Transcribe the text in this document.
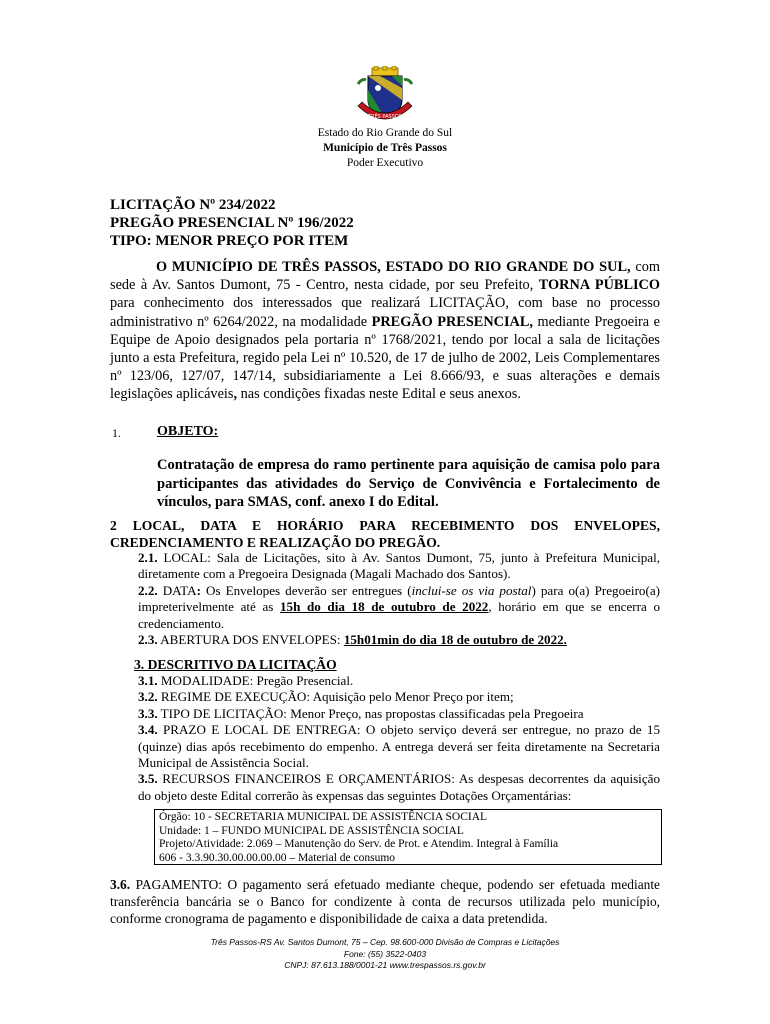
TRÊS PASSOS
Estado do Rio Grande do Sul
Município de Três Passos
Poder Executivo
LICITAÇÃO Nº 234/2022
PREGÃO PRESENCIAL Nº 196/2022
TIPO: MENOR PREÇO POR ITEM
O MUNICÍPIO DE TRÊS PASSOS, ESTADO DO RIO GRANDE DO SUL, com sede à Av. Santos Dumont, 75 - Centro, nesta cidade, por seu Prefeito, TORNA PÚBLICO para conhecimento dos interessados que realizará LICITAÇÃO, com base no processo administrativo nº 6264/2022, na modalidade PREGÃO PRESENCIAL, mediante Pregoeira e Equipe de Apoio designados pela portaria nº 1768/2021, tendo por local a sala de licitações junto a esta Prefeitura, regido pela Lei nº 10.520, de 17 de julho de 2002, Leis Complementares nº 123/06, 127/07, 147/14, subsidiariamente a Lei 8.666/93, e suas alterações e demais legislações aplicáveis, nas condições fixadas neste Edital e seus anexos.
1.	OBJETO:
Contratação de empresa do ramo pertinente para aquisição de camisa polo para participantes das atividades do Serviço de Convivência e Fortalecimento de vínculos, para SMAS, conf. anexo I do Edital.
2 LOCAL, DATA E HORÁRIO PARA RECEBIMENTO DOS ENVELOPES, CREDENCIAMENTO E REALIZAÇÃO DO PREGÃO.
2.1. LOCAL: Sala de Licitações, sito à Av. Santos Dumont, 75, junto à Prefeitura Municipal, diretamente com a Pregoeira Designada (Magali Machado dos Santos).
2.2. DATA: Os Envelopes deverão ser entregues (inclui-se os via postal) para o(a) Pregoeiro(a) impreterivelmente até as 15h do dia 18 de outubro de 2022, horário em que se encerra o credenciamento.
2.3. ABERTURA DOS ENVELOPES: 15h01min do dia 18 de outubro de 2022.
3. DESCRITIVO DA LICITAÇÃO
3.1. MODALIDADE: Pregão Presencial.
3.2. REGIME DE EXECUÇÃO: Aquisição pelo Menor Preço por item;
3.3. TIPO DE LICITAÇÃO: Menor Preço, nas propostas classificadas pela Pregoeira
3.4. PRAZO E LOCAL DE ENTREGA: O objeto serviço deverá ser entregue, no prazo de 15 (quinze) dias após recebimento do empenho. A entrega deverá ser feita diretamente na Secretaria Municipal de Assistência Social.
3.5. RECURSOS FINANCEIROS E ORÇAMENTÁRIOS: As despesas decorrentes da aquisição do objeto deste Edital correrão às expensas das seguintes Dotações Orçamentárias:
Órgão: 10 - SECRETARIA MUNICIPAL DE ASSISTÊNCIA SOCIAL
Unidade: 1 – FUNDO MUNICIPAL DE ASSISTÊNCIA SOCIAL
Projeto/Atividade: 2.069 – Manutenção do Serv. de Prot. e Atendim. Integral à Família
606 - 3.3.90.30.00.00.00.00 – Material de consumo
3.6. PAGAMENTO: O pagamento será efetuado mediante cheque, podendo ser efetuada mediante transferência bancária se o Banco for condizente à conta de recursos utilizada pelo município, conforme cronograma de pagamento e disponibilidade de caixa a data pretendida.
Três Passos-RS Av. Santos Dumont, 75 – Cep. 98.600-000 Divisão de Compras e Licitações
Fone: (55) 3522-0403
CNPJ: 87.613.188/0001-21 www.trespassos.rs.gov.br
